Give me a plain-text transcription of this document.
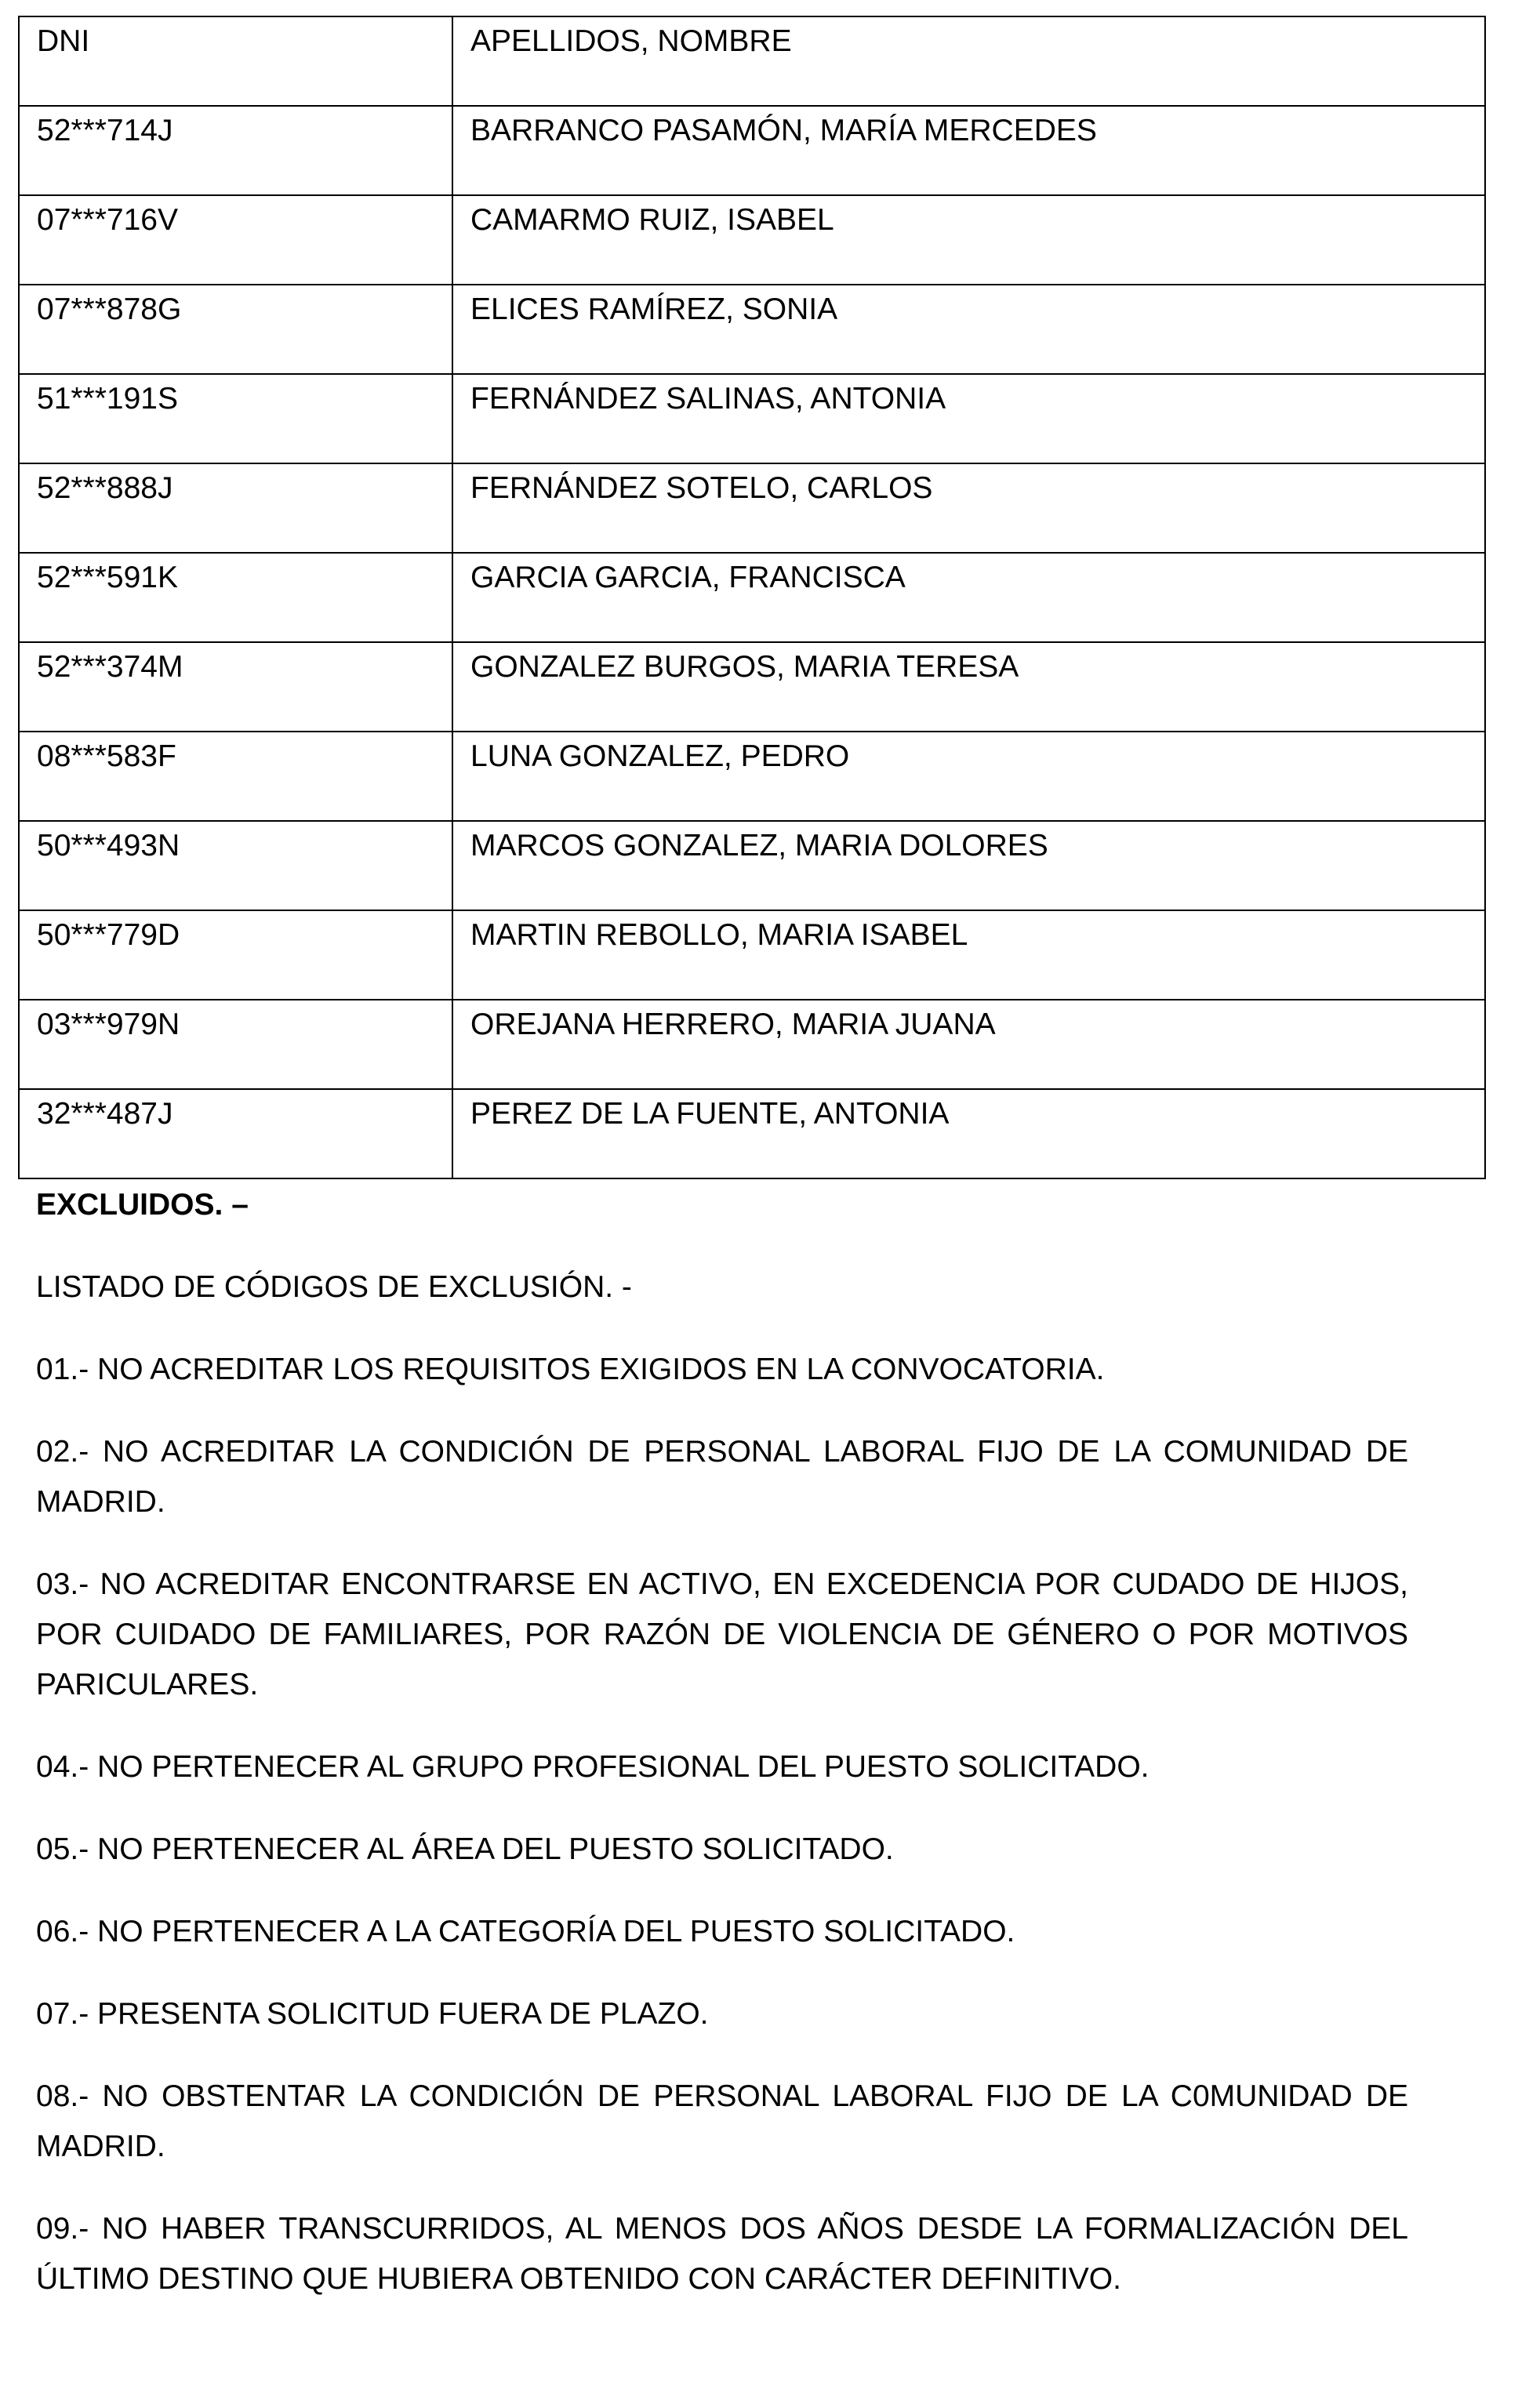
DNI	APELLIDOS, NOMBRE
52***714J	BARRANCO PASAMÓN, MARÍA MERCEDES
07***716V	CAMARMO RUIZ, ISABEL
07***878G	ELICES RAMÍREZ, SONIA
51***191S	FERNÁNDEZ SALINAS, ANTONIA
52***888J	FERNÁNDEZ SOTELO, CARLOS
52***591K	GARCIA GARCIA, FRANCISCA
52***374M	GONZALEZ BURGOS, MARIA TERESA
08***583F	LUNA GONZALEZ, PEDRO
50***493N	MARCOS GONZALEZ, MARIA DOLORES
50***779D	MARTIN REBOLLO, MARIA ISABEL
03***979N	OREJANA HERRERO, MARIA JUANA
32***487J	PEREZ DE LA FUENTE, ANTONIA
EXCLUIDOS. –
LISTADO DE CÓDIGOS DE EXCLUSIÓN. -

01.- NO ACREDITAR LOS REQUISITOS EXIGIDOS EN LA CONVOCATORIA.

02.- NO ACREDITAR LA CONDICIÓN DE PERSONAL LABORAL FIJO DE LA COMUNIDAD DE MADRID.

03.- NO ACREDITAR ENCONTRARSE EN ACTIVO, EN EXCEDENCIA POR CUDADO DE HIJOS, POR CUIDADO DE FAMILIARES, POR RAZÓN DE VIOLENCIA DE GÉNERO O POR MOTIVOS PARICULARES.

04.- NO PERTENECER AL GRUPO PROFESIONAL DEL PUESTO SOLICITADO.

05.- NO PERTENECER AL ÁREA DEL PUESTO SOLICITADO.

06.- NO PERTENECER A LA CATEGORÍA DEL PUESTO SOLICITADO.

07.- PRESENTA SOLICITUD FUERA DE PLAZO.

08.- NO OBSTENTAR LA CONDICIÓN DE PERSONAL LABORAL FIJO DE LA C0MUNIDAD DE MADRID.

09.- NO HABER TRANSCURRIDOS, AL MENOS DOS AÑOS DESDE LA FORMALIZACIÓN DEL ÚLTIMO DESTINO QUE HUBIERA OBTENIDO CON CARÁCTER DEFINITIVO.
